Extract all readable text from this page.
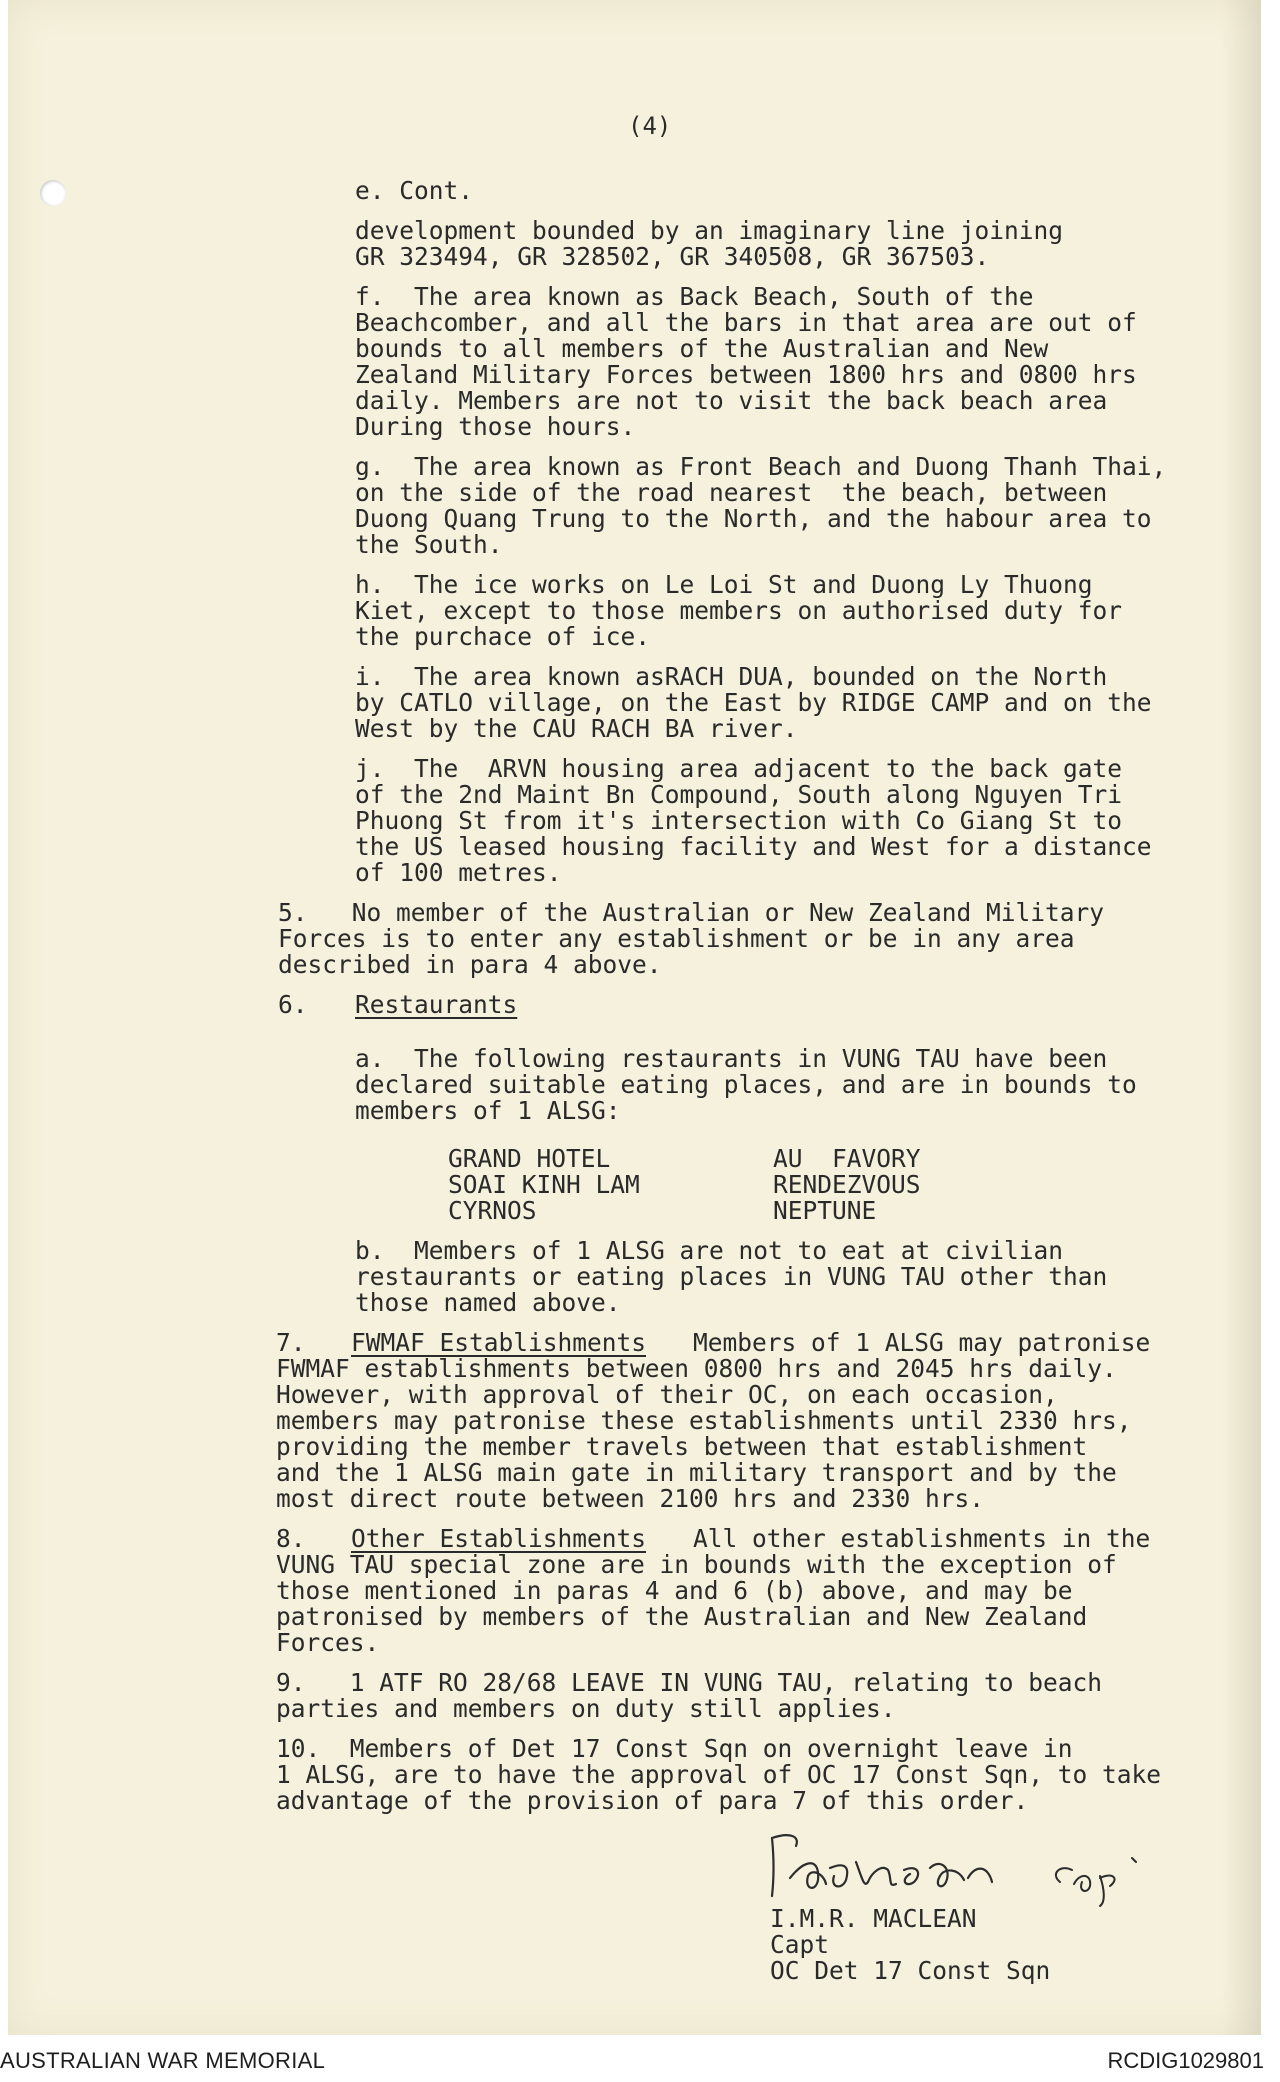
(4)
e. Cont.
development bounded by an imaginary line joining
GR 323494, GR 328502, GR 340508, GR 367503.
f.  The area known as Back Beach, South of the
Beachcomber, and all the bars in that area are out of
bounds to all members of the Australian and New
Zealand Military Forces between 1800 hrs and 0800 hrs
daily. Members are not to visit the back beach area
During those hours.
g.  The area known as Front Beach and Duong Thanh Thai,
on the side of the road nearest  the beach, between
Duong Quang Trung to the North, and the habour area to
the South.
h.  The ice works on Le Loi St and Duong Ly Thuong
Kiet, except to those members on authorised duty for
the purchace of ice.
i.  The area known asRACH DUA, bounded on the North
by CATLO village, on the East by RIDGE CAMP and on the
West by the CAU RACH BA river.
j.  The  ARVN housing area adjacent to the back gate
of the 2nd Maint Bn Compound, South along Nguyen Tri
Phuong St from it's intersection with Co Giang St to
the US leased housing facility and West for a distance
of 100 metres.
5.   No member of the Australian or New Zealand Military
Forces is to enter any establishment or be in any area
described in para 4 above.
6. Restaurants
a.  The following restaurants in VUNG TAU have been
declared suitable eating places, and are in bounds to
members of 1 ALSG:
GRAND HOTEL
SOAI KINH LAM
CYRNOS
AU  FAVORY
RENDEZVOUS
NEPTUNE
b.  Members of 1 ALSG are not to eat at civilian
restaurants or eating places in VUNG TAU other than
those named above.
7. FWMAF Establishments Members of 1 ALSG may patronise
FWMAF establishments between 0800 hrs and 2045 hrs daily.
However, with approval of their OC, on each occasion,
members may patronise these establishments until 2330 hrs,
providing the member travels between that establishment
and the 1 ALSG main gate in military transport and by the
most direct route between 2100 hrs and 2330 hrs.
8. Other Establishments All other establishments in the
VUNG TAU special zone are in bounds with the exception of
those mentioned in paras 4 and 6 (b) above, and may be
patronised by members of the Australian and New Zealand
Forces.
9.   1 ATF RO 28/68 LEAVE IN VUNG TAU, relating to beach
parties and members on duty still applies.
10.  Members of Det 17 Const Sqn on overnight leave in
1 ALSG, are to have the approval of OC 17 Const Sqn, to take
advantage of the provision of para 7 of this order.
I.M.R. MACLEAN
Capt
OC Det 17 Const Sqn
AUSTRALIAN WAR MEMORIAL	RCDIG1029801
